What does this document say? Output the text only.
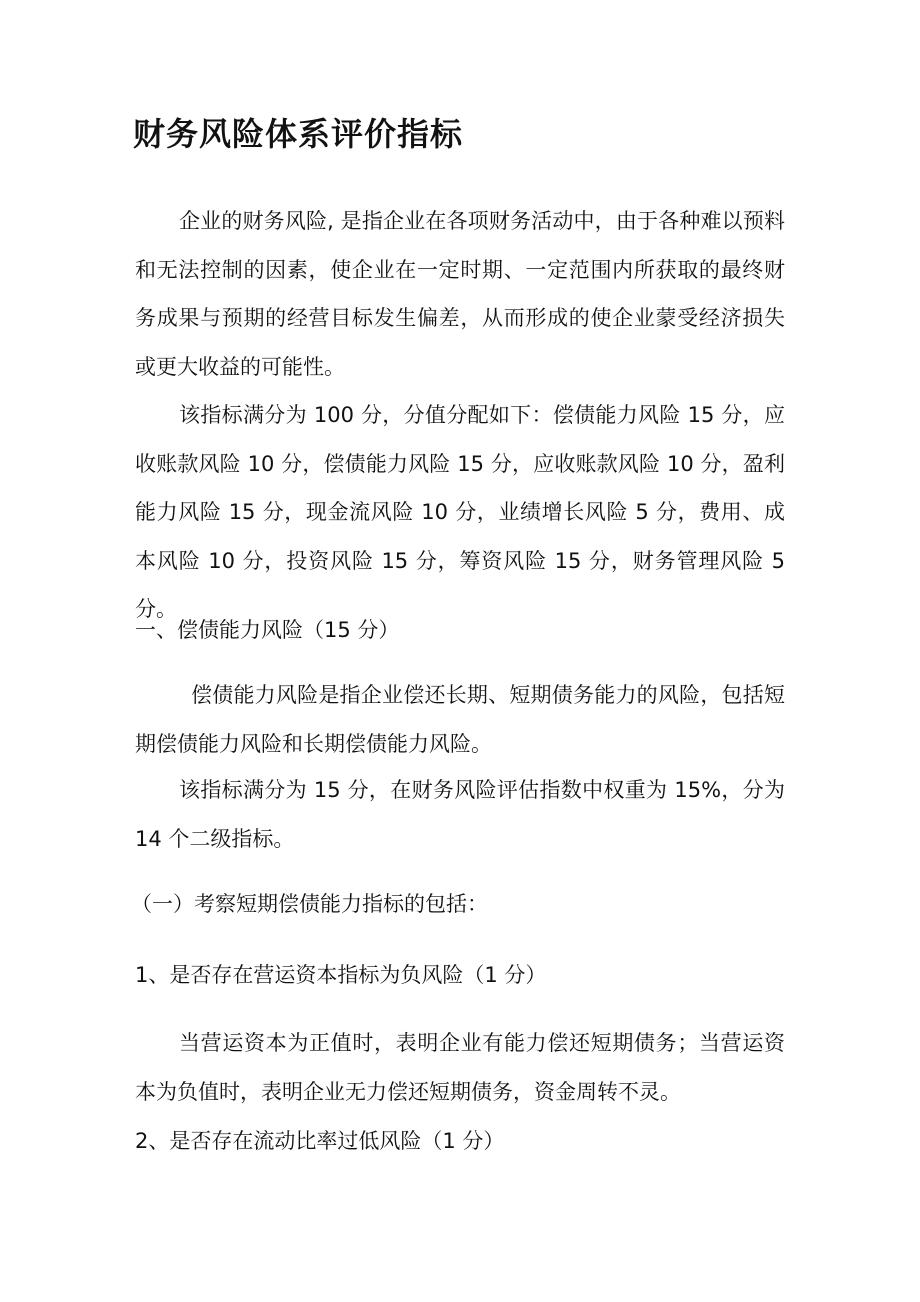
财务风险体系评价指标

企业的财务风险, 是指企业在各项财务活动中，由于各种难以预料和无法控制的因素，使企业在一定时期、一定范围内所获取的最终财务成果与预期的经营目标发生偏差，从而形成的使企业蒙受经济损失或更大收益的可能性。

该指标满分为 100 分，分值分配如下：偿债能力风险 15 分，应收账款风险 10 分，偿债能力风险 15 分，应收账款风险 10 分，盈利能力风险 15 分，现金流风险 10 分，业绩增长风险 5 分，费用、成本风险 10 分，投资风险 15 分，筹资风险 15 分，财务管理风险 5 分。

一、偿债能力风险（15 分）

偿债能力风险是指企业偿还长期、短期债务能力的风险，包括短期偿债能力风险和长期偿债能力风险。

该指标满分为 15 分，在财务风险评估指数中权重为 15%，分为 14 个二级指标。

（一）考察短期偿债能力指标的包括：

1、是否存在营运资本指标为负风险（1 分）

当营运资本为正值时，表明企业有能力偿还短期债务；当营运资本为负值时，表明企业无力偿还短期债务，资金周转不灵。

2、是否存在流动比率过低风险（1 分）
